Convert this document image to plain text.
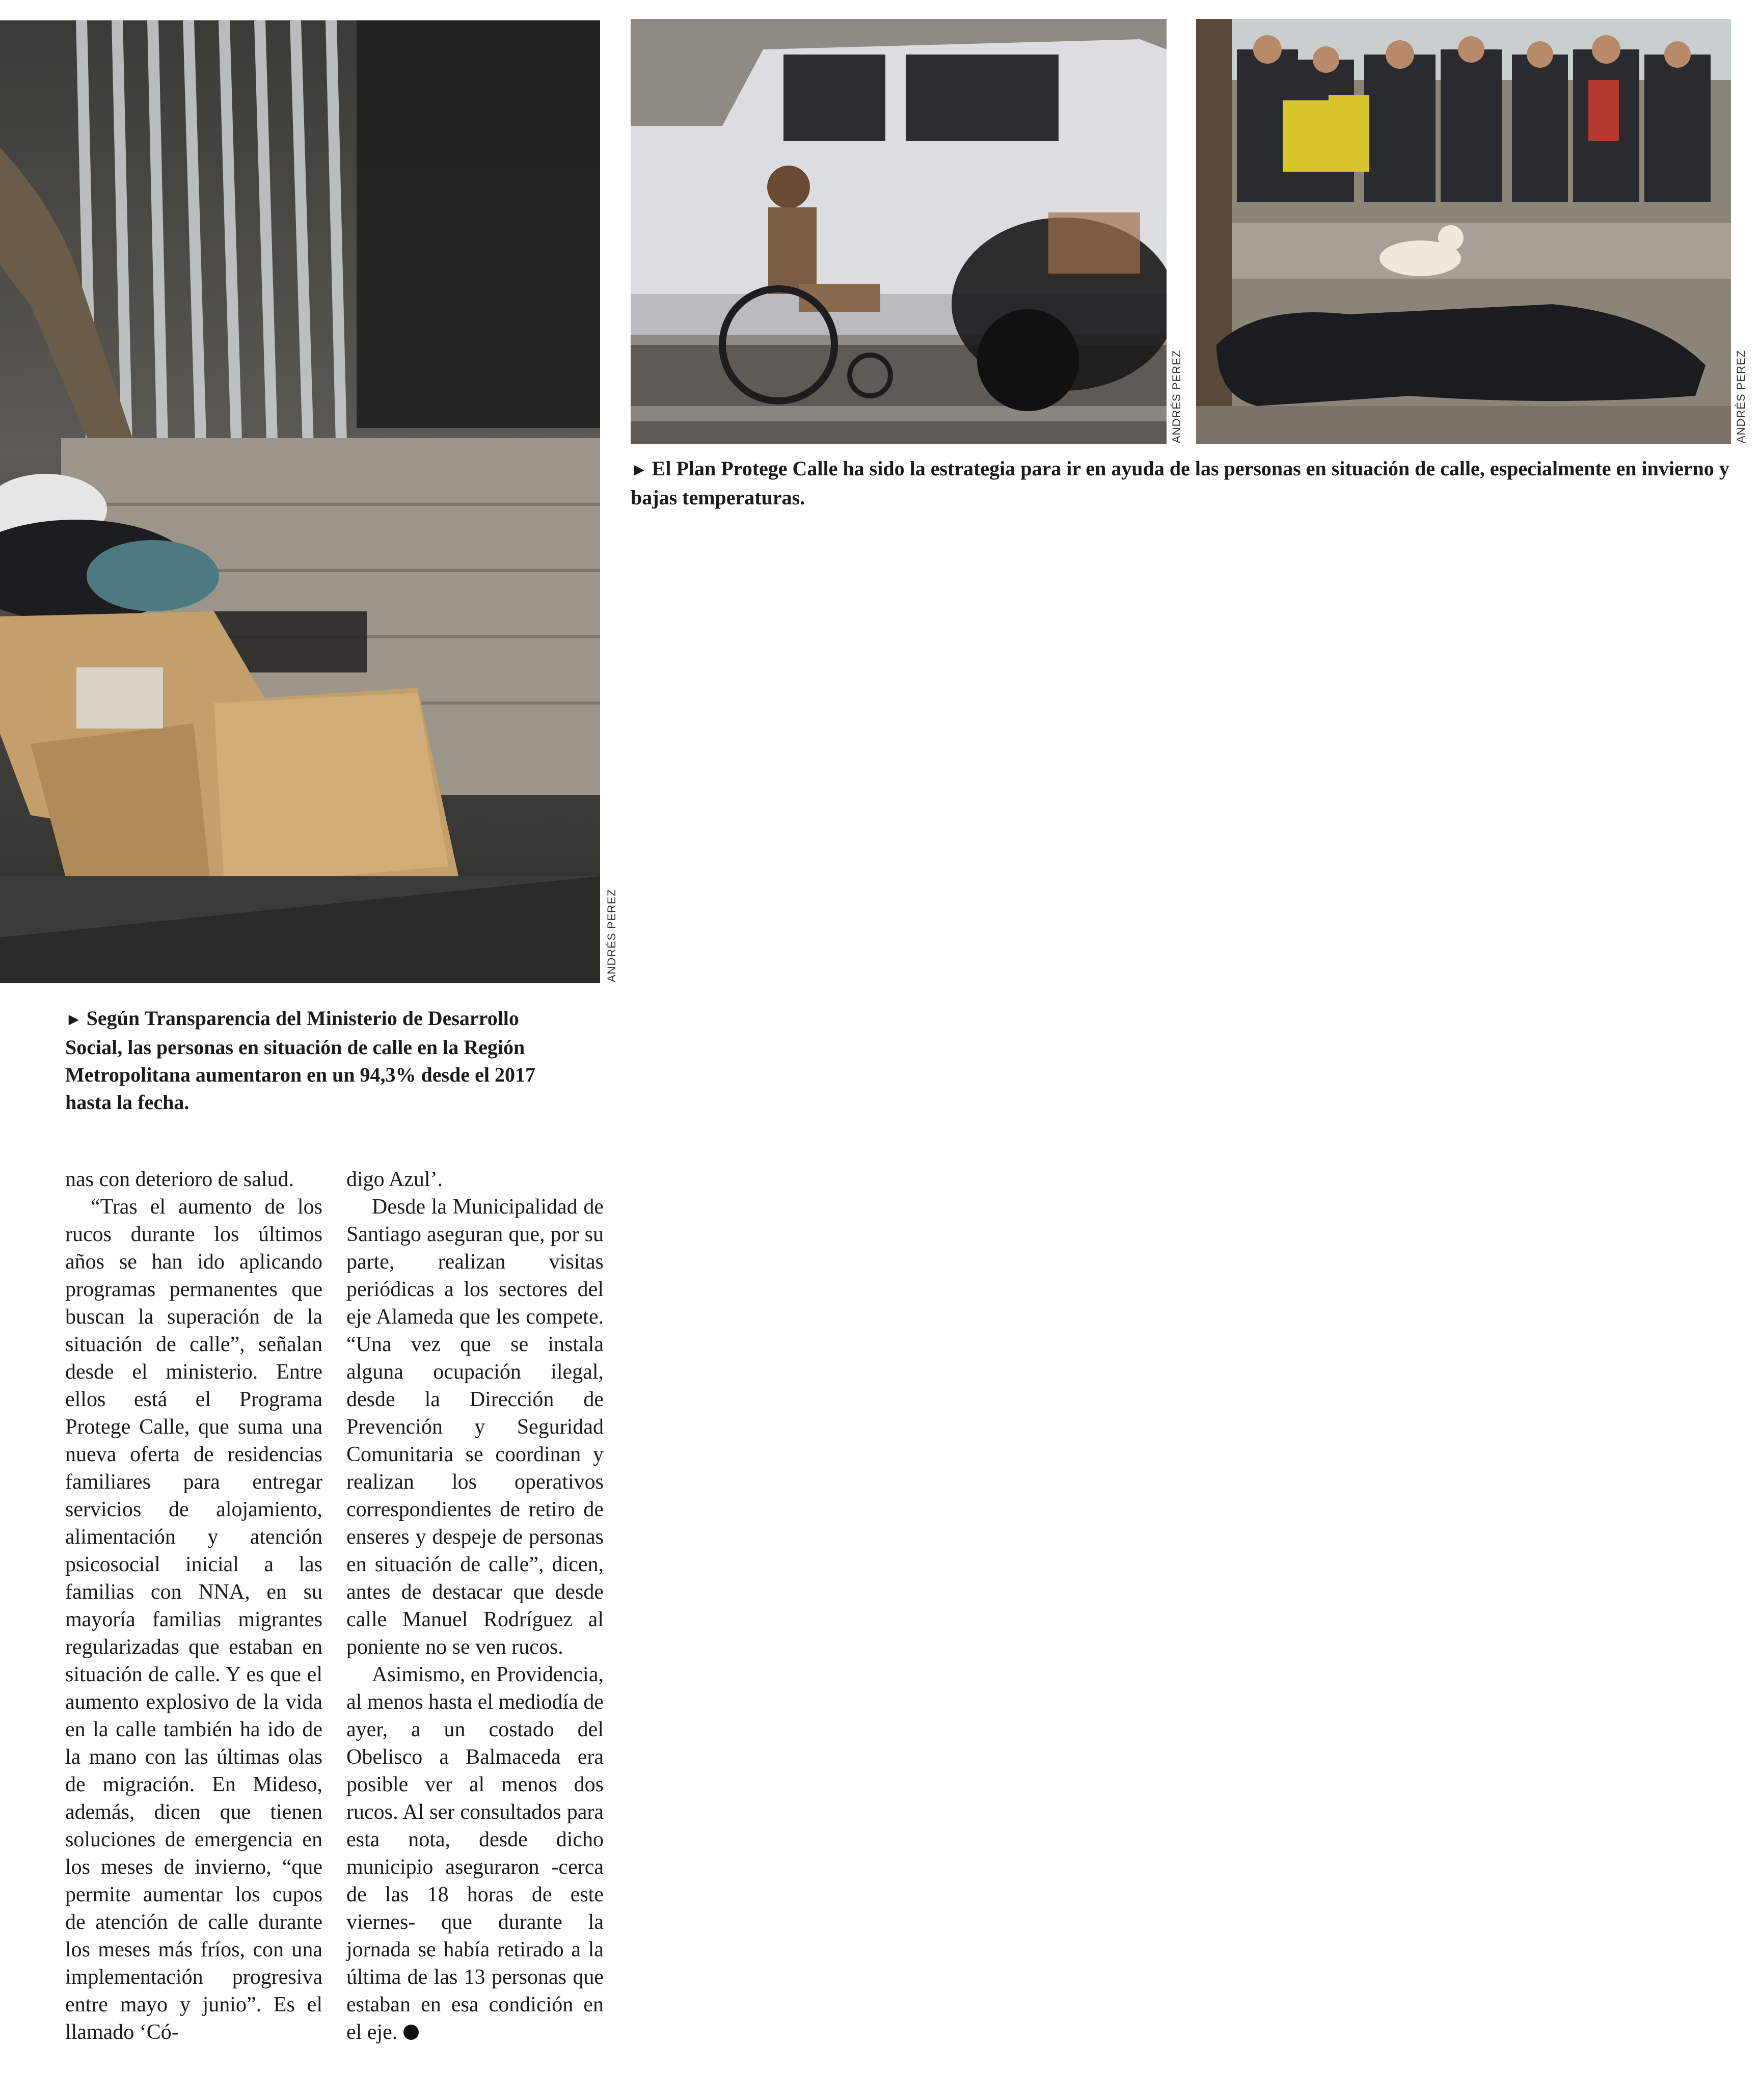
ANDRÉS PEREZ
ANDRÉS PEREZ	ANDRÉS PEREZ
► El Plan Protege Calle ha sido la estrategia para ir en ayuda de las personas en situación de calle, especialmente en invierno y bajas temperaturas.
► Según Transparencia del Ministerio de Desarrollo Social, las personas en situación de calle en la Región Metropolitana aumentaron en un 94,3% desde el 2017 hasta la fecha.

nas con deterioro de salud.

“Tras el aumento de los rucos durante los últimos años se han ido aplicando programas permanentes que buscan la superación de la situación de calle”, señalan desde el ministerio. Entre ellos está el Programa Protege Calle, que suma una nueva oferta de residencias familiares para entregar servicios de alojamiento, alimentación y atención psicosocial inicial a las familias con NNA, en su mayoría familias migrantes regularizadas que estaban en situación de calle. Y es que el aumento explosivo de la vida en la calle también ha ido de la mano con las últimas olas de migración. En Mideso, además, dicen que tienen soluciones de emergencia en los meses de invierno, “que permite aumentar los cupos de atención de calle durante los meses más fríos, con una implementación progresiva entre mayo y junio”. Es el llamado ‘Có-

digo Azul’.

Desde la Municipalidad de Santiago aseguran que, por su parte, realizan visitas periódicas a los sectores del eje Alameda que les compete. “Una vez que se instala alguna ocupación ilegal, desde la Dirección de Prevención y Seguridad Comunitaria se coordinan y realizan los operativos correspondientes de retiro de enseres y despeje de personas en situación de calle”, dicen, antes de destacar que desde calle Manuel Rodríguez al poniente no se ven rucos.

Asimismo, en Providencia, al menos hasta el mediodía de ayer, a un costado del Obelisco a Balmaceda era posible ver al menos dos rucos. Al ser consultados para esta nota, desde dicho municipio aseguraron -cerca de las 18 horas de este viernes- que durante la jornada se había retirado a la última de las 13 personas que estaban en esa condición en el eje.
